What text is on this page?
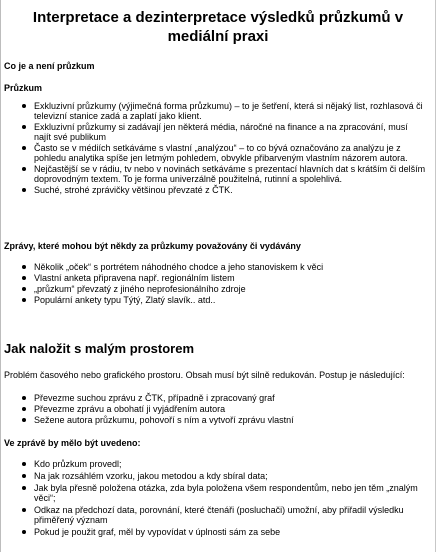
Interpretace a dezinterpretace výsledků průzkumů v mediální praxi

Co je a není průzkum

Průzkum

Exkluzivní průzkumy (výjimečná forma průzkumu) – to je šetření, která si nějaký list, rozhlasová či televizní stanice zadá a zaplatí jako klient.
Exkluzivní průzkumy si zadávají jen některá média, náročné na finance a na zpracování, musí najít své publikum
Často se v médiích setkáváme s vlastní „analýzou“ – to co bývá označováno za analýzu je z pohledu analytika spíše jen letmým pohledem, obvykle přibarveným vlastním názorem autora.
Nejčastější se v rádiu, tv nebo v novinách setkáváme s prezentací hlavních dat s krátším či delším doprovodným textem. To je forma univerzálně použitelná, rutinní a spolehlivá.
Suché, strohé zprávičky většinou převzaté z ČTK.

Zprávy, které mohou být někdy za průzkumy považovány či vydávány

Několik „oček“ s portrétem náhodného chodce a jeho stanoviskem k věci
Vlastní anketa připravena např. regionálním listem
„průzkum“ převzatý z jiného neprofesionálního zdroje
Populární ankety typu Týtý, Zlatý slavík.. atd..

Jak naložit s malým prostorem

Problém časového nebo grafického prostoru. Obsah musí být silně redukován. Postup je následující:

Převezme suchou zprávu z ČTK, případně i zpracovaný graf
Převezme zprávu a obohatí ji vyjádřením autora
Sežene autora průzkumu, pohovoří s ním a vytvoří zprávu vlastní

Ve zprávě by mělo být uvedeno:

Kdo průzkum provedl;
Na jak rozsáhlém vzorku, jakou metodou a kdy sbíral data;
Jak byla přesně položena otázka, zda byla položena všem respondentům, nebo jen těm „znalým věci“;
Odkaz na předchozí data, porovnání, které čtenáři (posluchači) umožní, aby přiřadil výsledku přiměřený význam
Pokud je použit graf, měl by vypovídat v úplnosti sám za sebe
